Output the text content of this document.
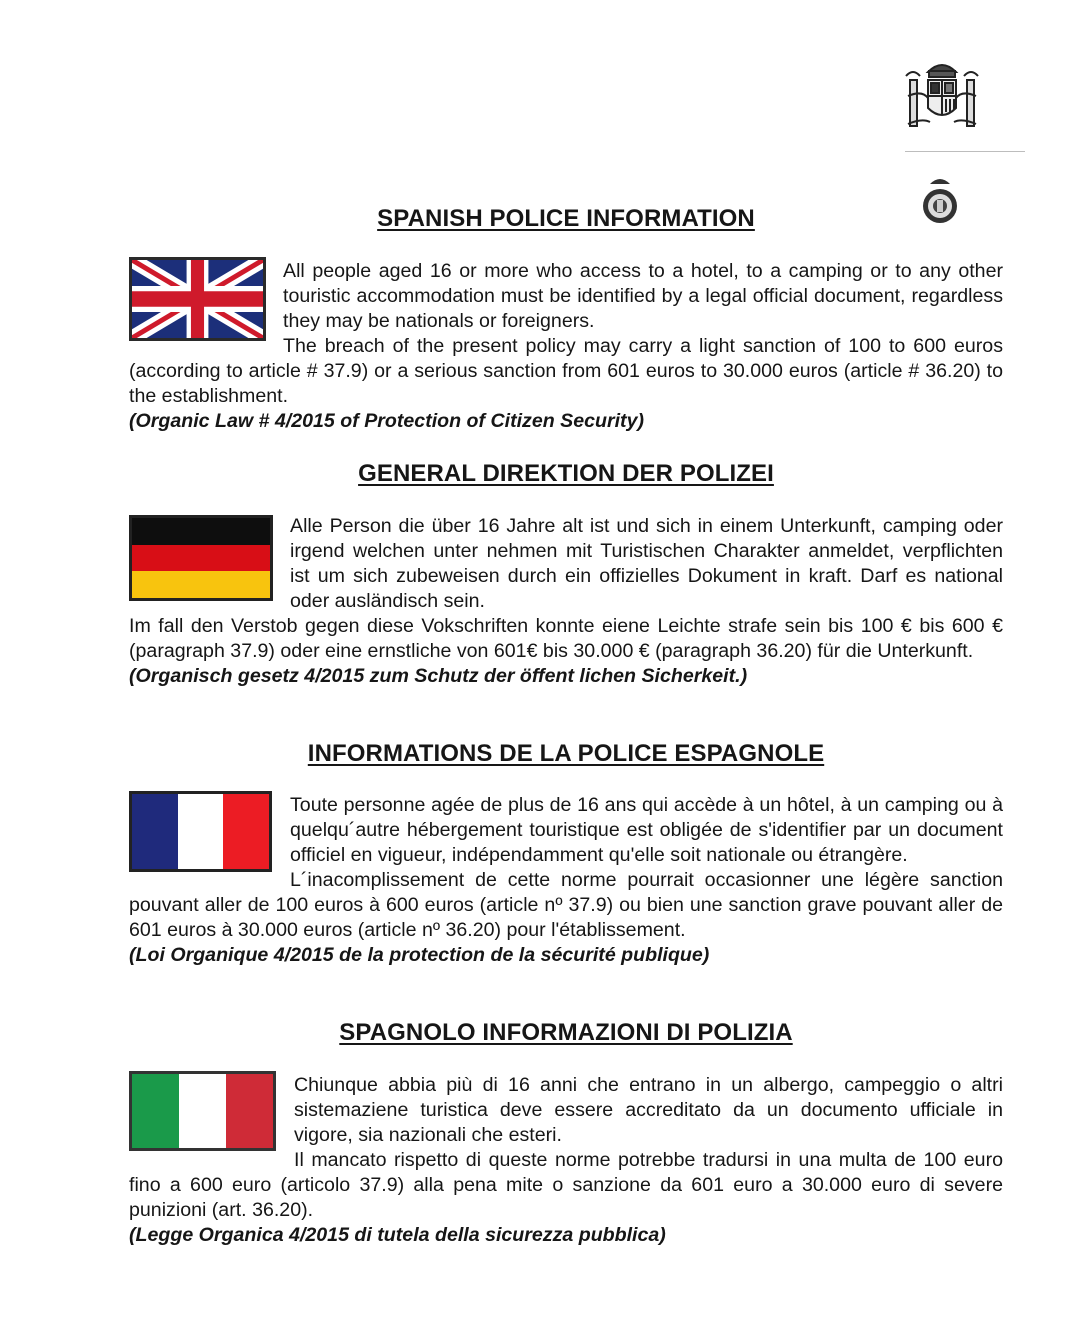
SPANISH POLICE INFORMATION

All people aged 16 or more who access to a hotel, to a camping or to any other touristic accommodation must be identified by a legal official document, regardless they may be nationals or foreigners.

The breach of the present policy may carry a light sanction of 100 to 600 euros (according to article # 37.9) or a serious sanction from 601 euros to 30.000 euros (article # 36.20) to the establishment.

(Organic Law # 4/2015 of Protection of Citizen Security)

GENERAL DIREKTION DER POLIZEI

Alle Person die über 16 Jahre alt ist und sich in einem Unterkunft, camping oder irgend welchen unter nehmen mit Turistischen Charakter anmeldet, verpflichten ist um sich zubeweisen durch ein offizielles Dokument in kraft. Darf es national oder ausländisch sein.

Im fall den Verstob gegen diese Vokschriften konnte eiene Leichte strafe sein bis 100 € bis 600 € (paragraph 37.9) oder eine ernstliche von 601€ bis 30.000 € (paragraph 36.20) für die Unterkunft.

(Organisch gesetz 4/2015 zum Schutz der öffent lichen Sicherkeit.)

INFORMATIONS DE LA POLICE ESPAGNOLE

Toute personne agée de plus de 16 ans qui accède à un hôtel, à un camping ou à quelqu´autre hébergement touristique est obligée de s'identifier par un document officiel en vigueur, indépendamment qu'elle soit nationale ou étrangère.

L´inacomplissement de cette norme pourrait occasionner une légère sanction pouvant aller de 100 euros à 600 euros (article nº 37.9) ou bien une sanction grave pouvant aller de 601 euros à 30.000 euros (article nº 36.20) pour l'établissement.

(Loi Organique 4/2015 de la protection de la sécurité publique)

SPAGNOLO INFORMAZIONI DI POLIZIA

Chiunque abbia più di 16 anni che entrano in un albergo, campeggio o altri sistemaziene turistica deve essere accreditato da un documento ufficiale in vigore, sia nazionali che esteri.

Il mancato rispetto di queste norme potrebbe tradursi in una multa de 100 euro fino a 600 euro (articolo 37.9) alla pena mite o sanzione da 601 euro a 30.000 euro di severe punizioni (art. 36.20).

(Legge Organica 4/2015 di tutela della sicurezza pubblica)
